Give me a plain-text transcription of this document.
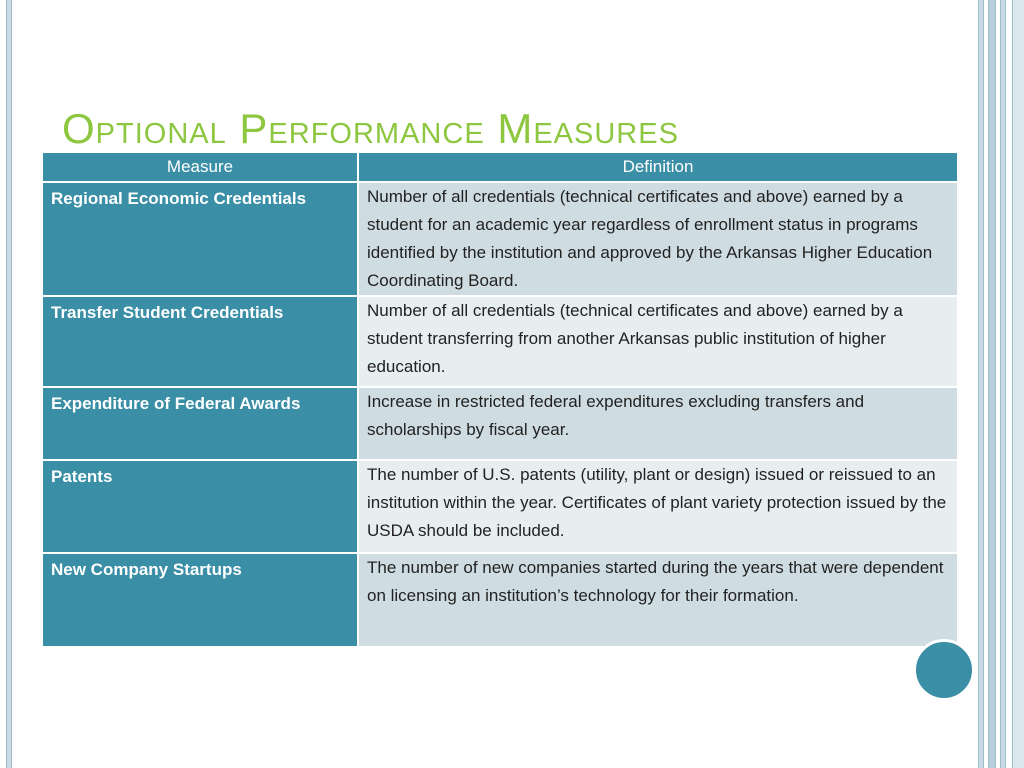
Optional Performance Measures
Measure	Definition
Regional Economic Credentials	Number of all credentials (technical certificates and above) earned by a student for an academic year regardless of enrollment status in programs identified by the institution and approved by the Arkansas Higher Education Coordinating Board.
Transfer Student Credentials	Number of all credentials (technical certificates and above) earned by a student transferring from another Arkansas public institution of higher education.
Expenditure of Federal Awards	Increase in restricted federal expenditures excluding transfers and scholarships by fiscal year.
Patents	The number of U.S. patents (utility, plant or design) issued or reissued to an institution within the year. Certificates of plant variety protection issued by the USDA should be included.
New Company Startups	The number of new companies started during the years that were dependent on licensing an institution’s technology for their formation.
